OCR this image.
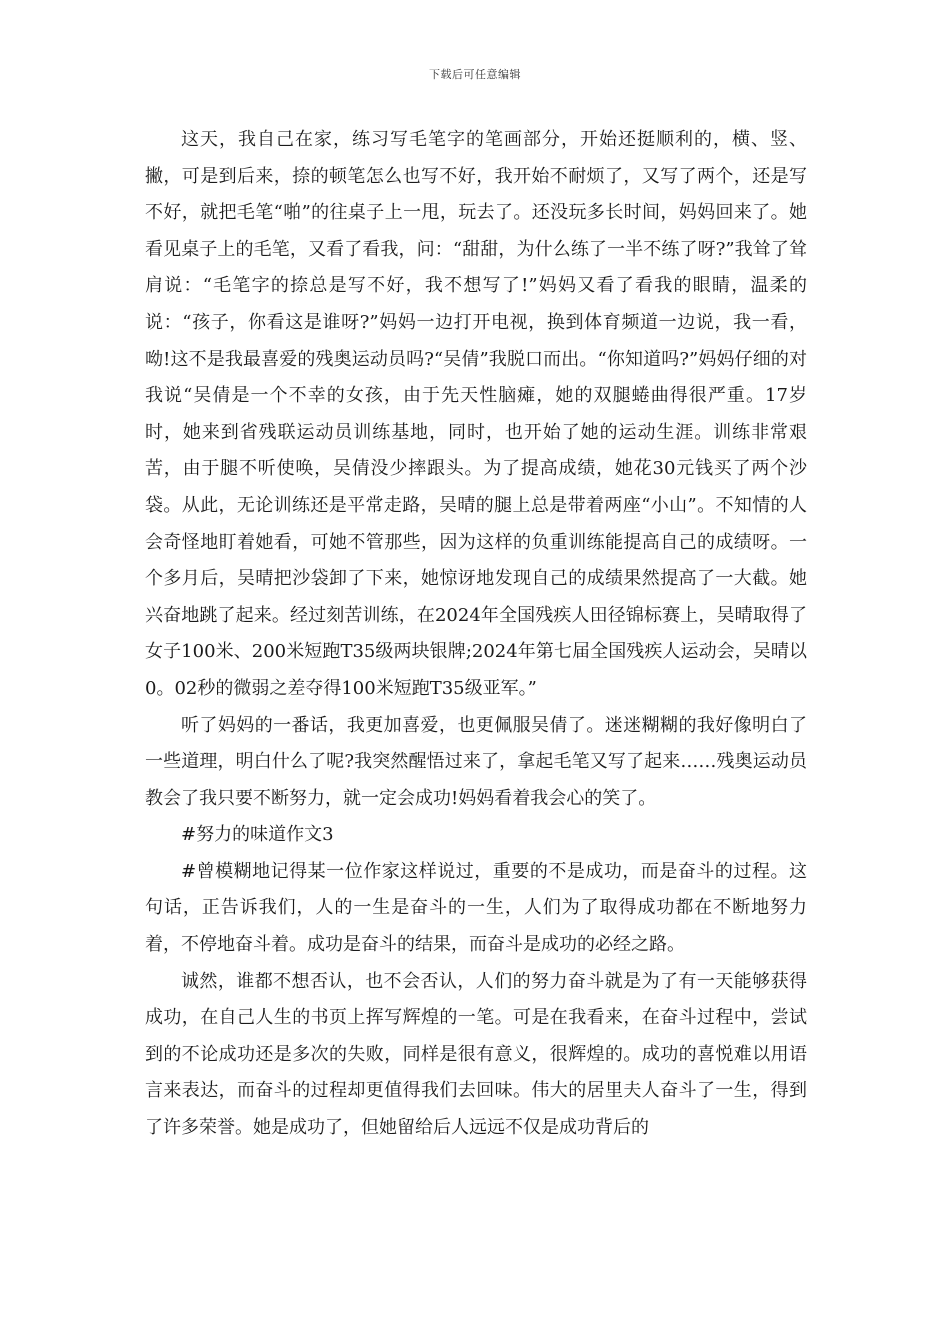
下载后可任意编辑

这天，我自己在家，练习写毛笔字的笔画部分，开始还挺顺利的，横、竖、撇，可是到后来，捺的顿笔怎么也写不好，我开始不耐烦了，又写了两个，还是写不好，就把毛笔“啪”的往桌子上一甩，玩去了。还没玩多长时间，妈妈回来了。她看见桌子上的毛笔，又看了看我，问：“甜甜，为什么练了一半不练了呀?”我耸了耸肩说：“毛笔字的捺总是写不好，我不想写了!”妈妈又看了看我的眼睛，温柔的说：“孩子，你看这是谁呀?”妈妈一边打开电视，换到体育频道一边说，我一看，呦!这不是我最喜爱的残奥运动员吗?“吴倩”我脱口而出。“你知道吗?”妈妈仔细的对我说“吴倩是一个不幸的女孩，由于先天性脑瘫，她的双腿蜷曲得很严重。17岁时，她来到省残联运动员训练基地，同时，也开始了她的运动生涯。训练非常艰苦，由于腿不听使唤，吴倩没少摔跟头。为了提高成绩，她花30元钱买了两个沙袋。从此，无论训练还是平常走路，吴晴的腿上总是带着两座“小山”。不知情的人会奇怪地盯着她看，可她不管那些，因为这样的负重训练能提高自己的成绩呀。一个多月后，吴晴把沙袋卸了下来，她惊讶地发现自己的成绩果然提高了一大截。她兴奋地跳了起来。经过刻苦训练，在2024年全国残疾人田径锦标赛上，吴晴取得了女子100米、200米短跑T35级两块银牌;2024年第七届全国残疾人运动会，吴晴以0。02秒的微弱之差夺得100米短跑T35级亚军。”

听了妈妈的一番话，我更加喜爱，也更佩服吴倩了。迷迷糊糊的我好像明白了一些道理，明白什么了呢?我突然醒悟过来了，拿起毛笔又写了起来……残奥运动员教会了我只要不断努力，就一定会成功!妈妈看着我会心的笑了。

#努力的味道作文3

#曾模糊地记得某一位作家这样说过，重要的不是成功，而是奋斗的过程。这句话，正告诉我们，人的一生是奋斗的一生，人们为了取得成功都在不断地努力着，不停地奋斗着。成功是奋斗的结果，而奋斗是成功的必经之路。

诚然，谁都不想否认，也不会否认，人们的努力奋斗就是为了有一天能够获得成功，在自己人生的书页上挥写辉煌的一笔。可是在我看来，在奋斗过程中，尝试到的不论成功还是多次的失败，同样是很有意义，很辉煌的。成功的喜悦难以用语言来表达，而奋斗的过程却更值得我们去回味。伟大的居里夫人奋斗了一生，得到了许多荣誉。她是成功了，但她留给后人远远不仅是成功背后的
